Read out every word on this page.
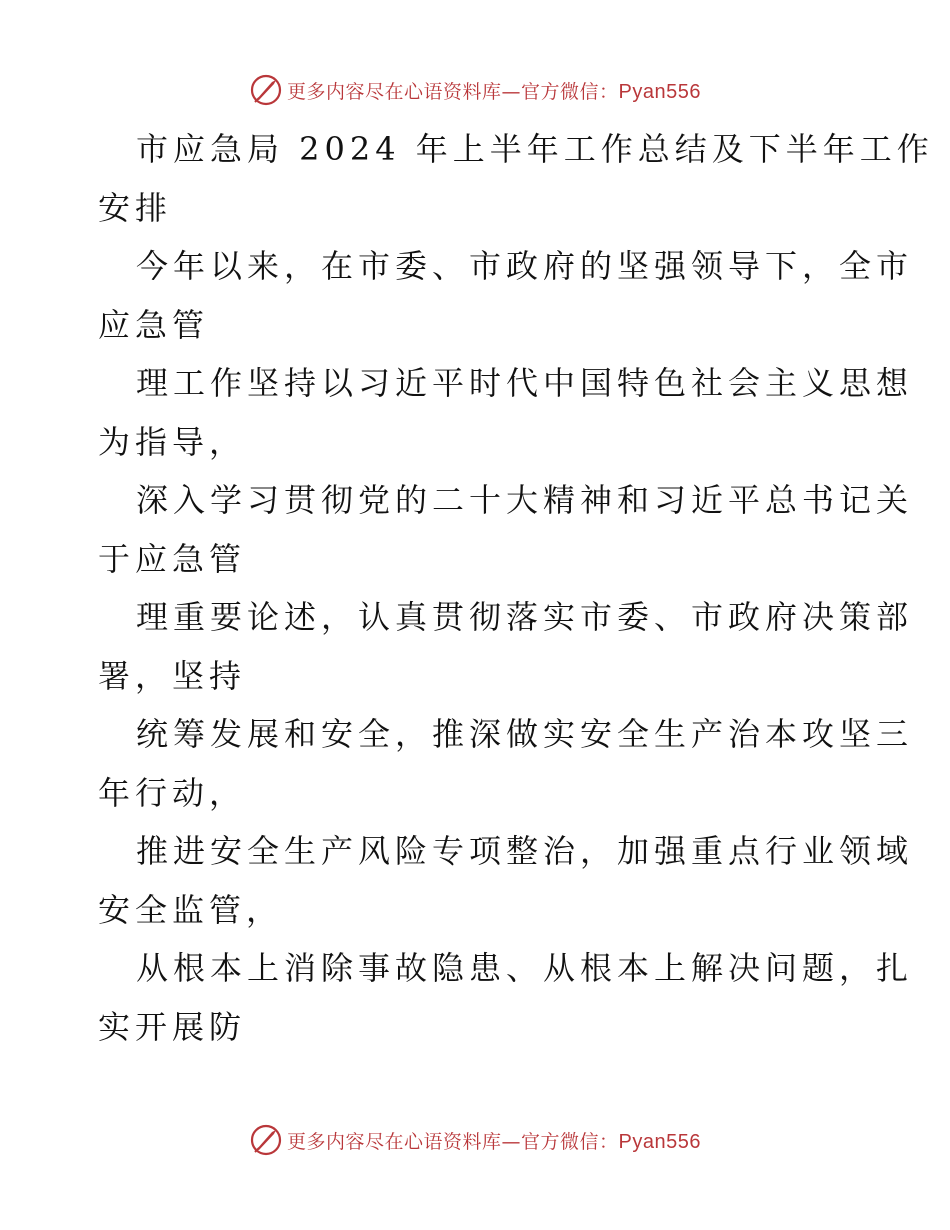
更多内容尽在心语资料库—官方微信：Pyan556
市应急局 2024 年上半年工作总结及下半年工作
安排
今年以来，在市委、市政府的坚强领导下，全市
应急管
理工作坚持以习近平时代中国特色社会主义思想
为指导，
深入学习贯彻党的二十大精神和习近平总书记关
于应急管
理重要论述，认真贯彻落实市委、市政府决策部
署，坚持
统筹发展和安全，推深做实安全生产治本攻坚三
年行动，
推进安全生产风险专项整治，加强重点行业领域
安全监管，
从根本上消除事故隐患、从根本上解决问题，扎
实开展防
更多内容尽在心语资料库—官方微信：Pyan556
